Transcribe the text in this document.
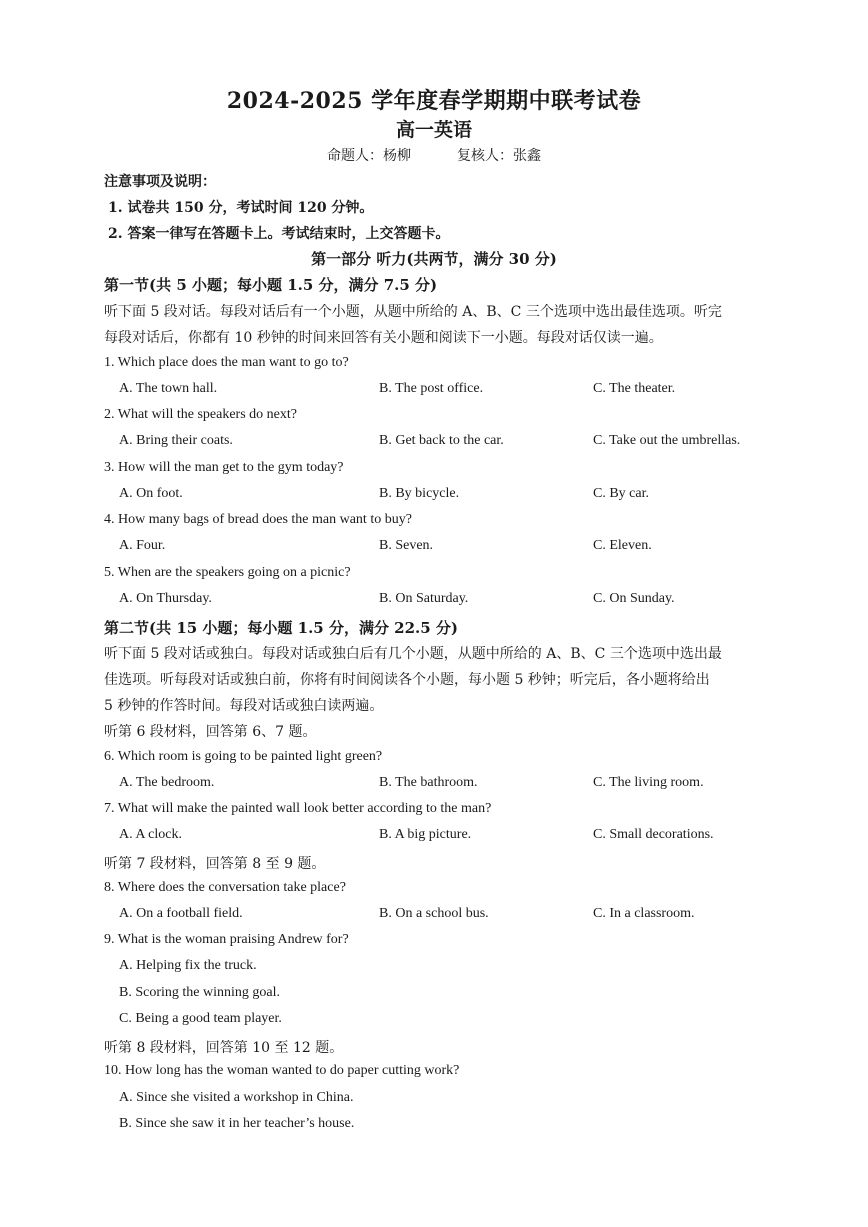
2024-2025 学年度春学期期中联考试卷
高一英语
命题人：杨柳	复核人：张鑫
注意事项及说明：
1. 试卷共 150 分，考试时间 120 分钟。
2. 答案一律写在答题卡上。考试结束时，上交答题卡。
第一部分 听力(共两节，满分 30 分)
第一节(共 5 小题；每小题 1.5 分，满分 7.5 分)
听下面 5 段对话。每段对话后有一个小题，从题中所给的 A、B、C 三个选项中选出最佳选项。听完
每段对话后，你都有 10 秒钟的时间来回答有关小题和阅读下一小题。每段对话仅读一遍。
1. Which place does the man want to go to?
A. The town hall.	B. The post office.	C. The theater.
2. What will the speakers do next?
A. Bring their coats.	B. Get back to the car.	C. Take out the umbrellas.
3. How will the man get to the gym today?
A. On foot.	B. By bicycle.	C. By car.
4. How many bags of bread does the man want to buy?
A. Four.	B. Seven.	C. Eleven.
5. When are the speakers going on a picnic?
A. On Thursday.	B. On Saturday.	C. On Sunday.
第二节(共 15 小题；每小题 1.5 分，满分 22.5 分)
听下面 5 段对话或独白。每段对话或独白后有几个小题，从题中所给的 A、B、C 三个选项中选出最
佳选项。听每段对话或独白前，你将有时间阅读各个小题，每小题 5 秒钟；听完后，各小题将给出
5 秒钟的作答时间。每段对话或独白读两遍。
听第 6 段材料，回答第 6、7 题。
6. Which room is going to be painted light green?
A. The bedroom.	B. The bathroom.	C. The living room.
7. What will make the painted wall look better according to the man?
A. A clock.	B. A big picture.	C. Small decorations.
听第 7 段材料，回答第 8 至 9 题。
8. Where does the conversation take place?
A. On a football field.	B. On a school bus.	C. In a classroom.
9. What is the woman praising Andrew for?
A. Helping fix the truck.
B. Scoring the winning goal.
C. Being a good team player.
听第 8 段材料，回答第 10 至 12 题。
10. How long has the woman wanted to do paper cutting work?
A. Since she visited a workshop in China.
B. Since she saw it in her teacher’s house.
